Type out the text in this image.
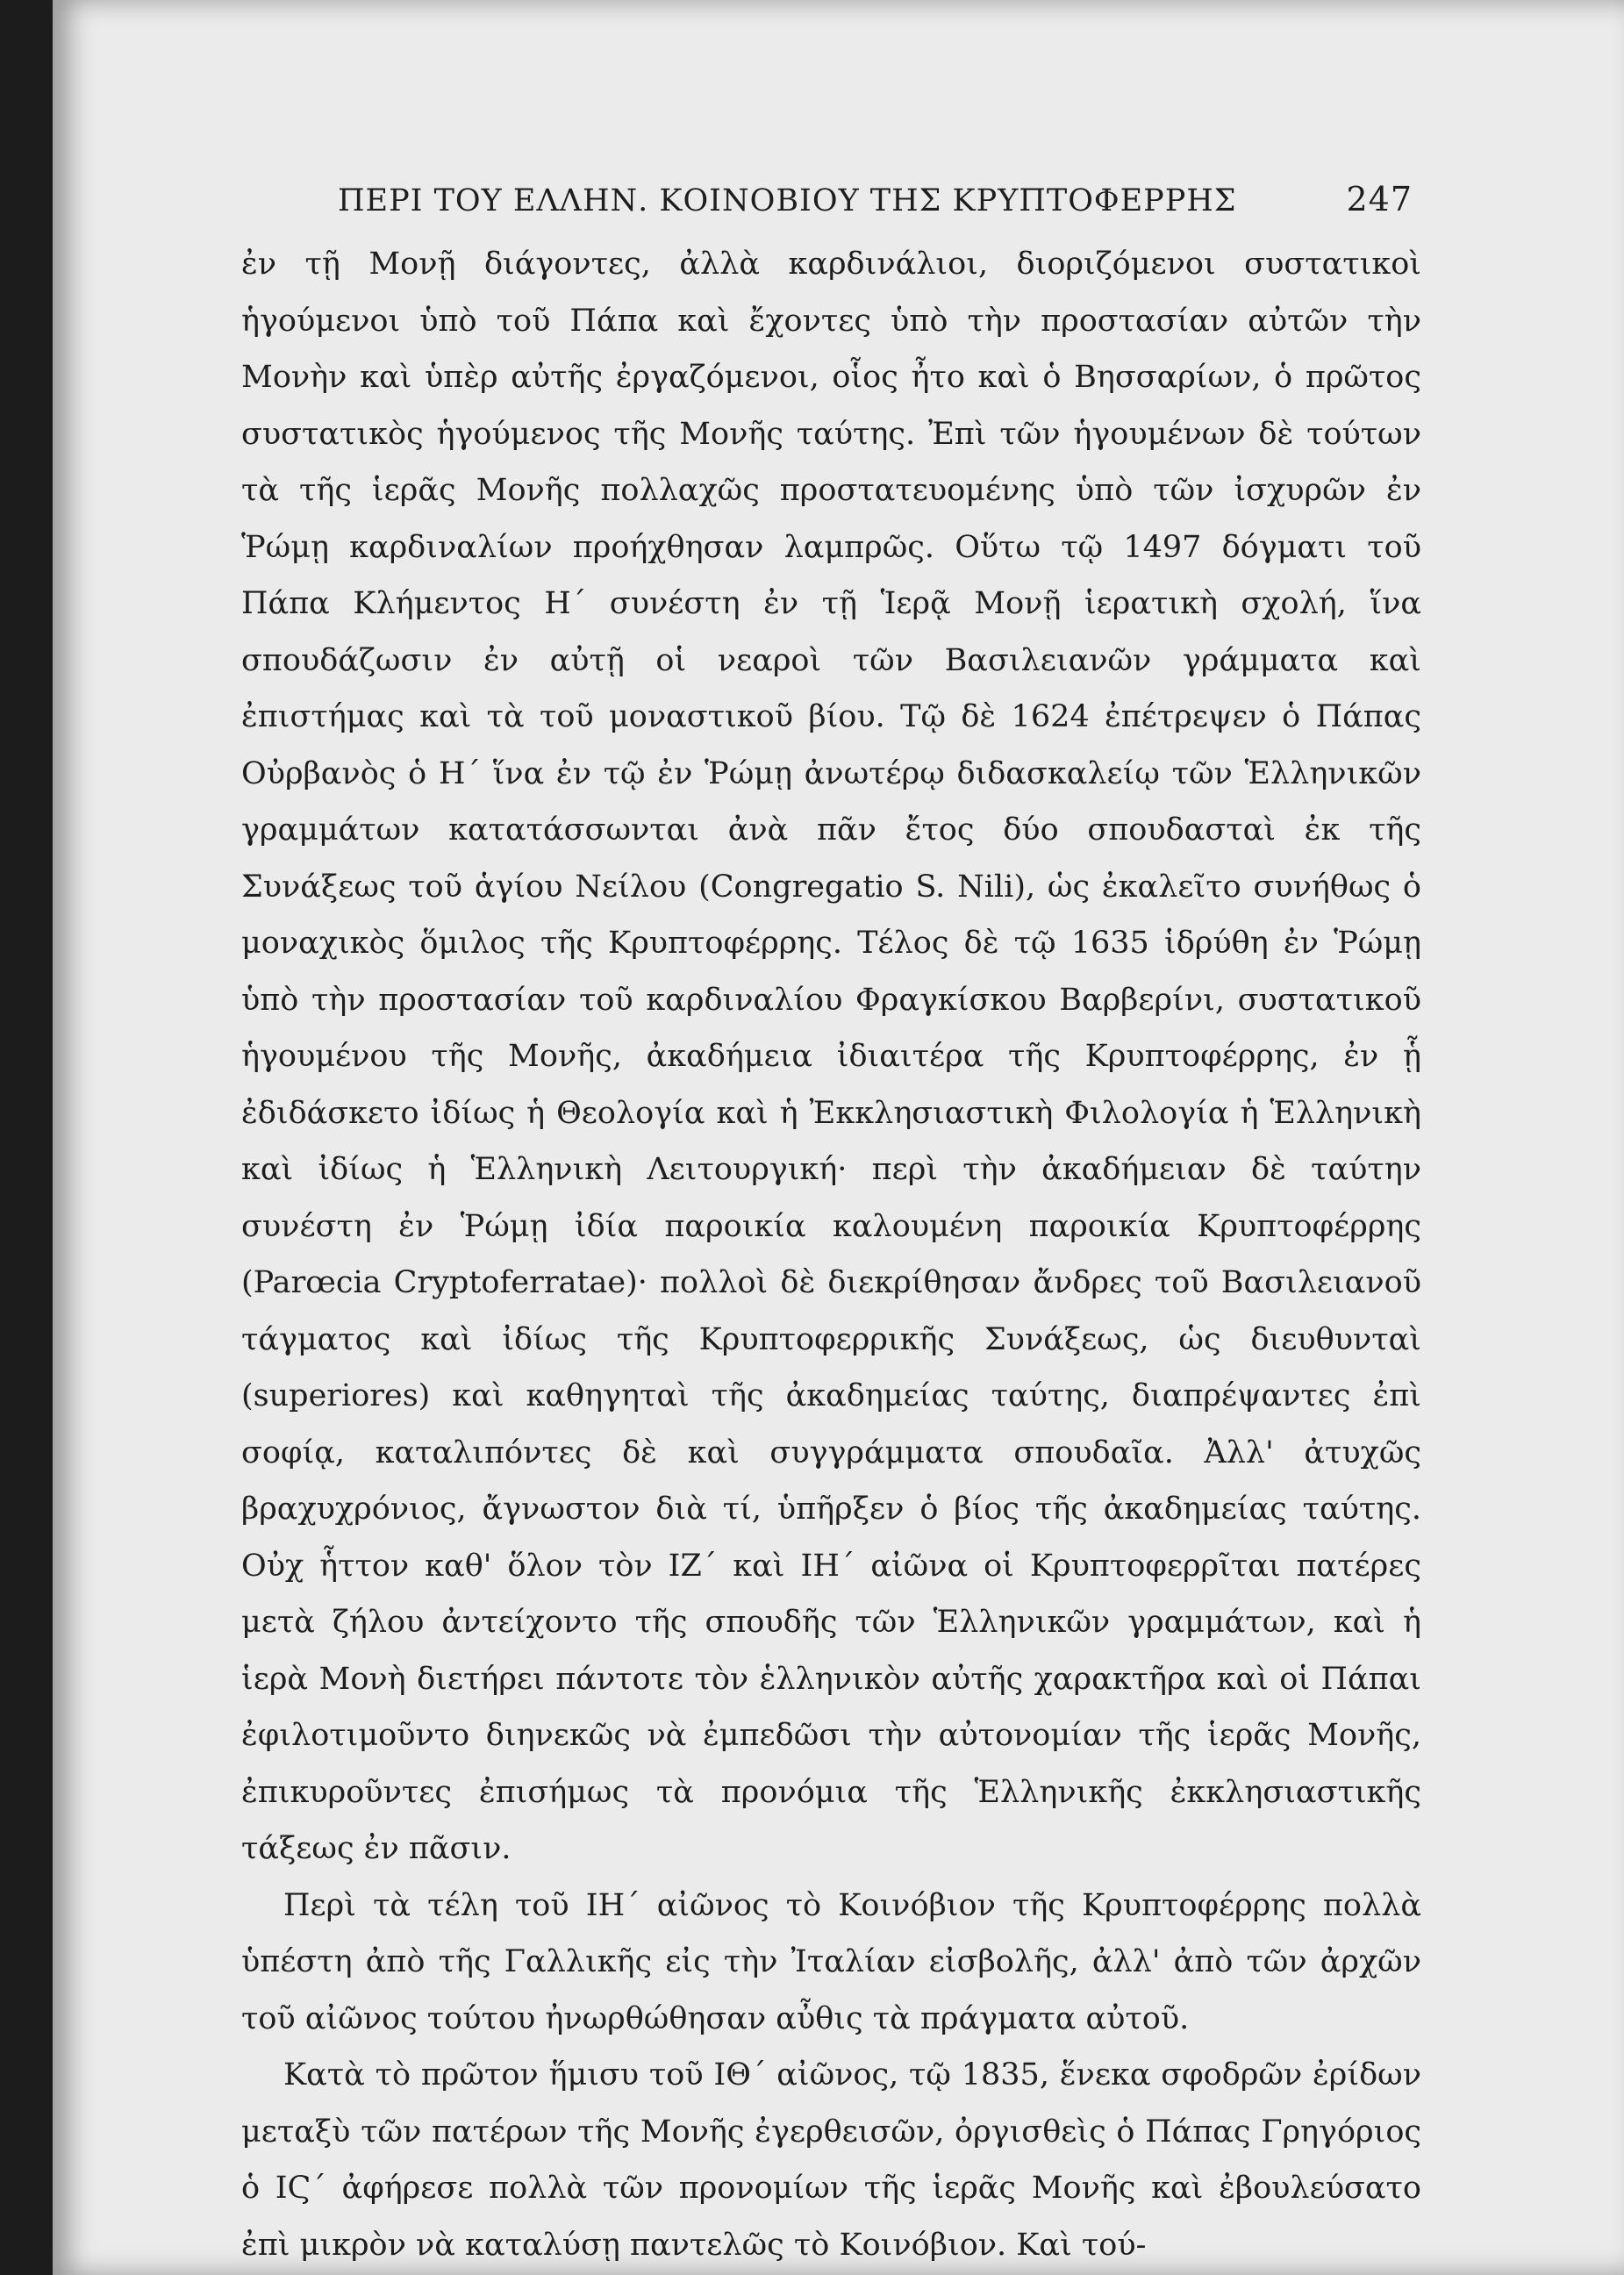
ΠΕΡΙ ΤΟΥ ΕΛΛΗΝ. ΚΟΙΝΟΒΙΟΥ ΤΗΣ ΚΡΥΠΤΟΦΕΡΡΗΣ	247

ἐν τῇ Μονῇ διάγοντες, ἀλλὰ καρδινάλιοι, διοριζόμενοι συστατικοὶ ἡγούμενοι ὑπὸ τοῦ Πάπα καὶ ἔχοντες ὑπὸ τὴν προστασίαν αὐτῶν τὴν Μονὴν καὶ ὑπὲρ αὐτῆς ἐργαζόμενοι, οἷος ἦτο καὶ ὁ Βησσαρίων, ὁ πρῶτος συστατικὸς ἡγούμενος τῆς Μονῆς ταύτης. Ἐπὶ τῶν ἡγουμένων δὲ τούτων τὰ τῆς ἱερᾶς Μονῆς πολλαχῶς προστατευομένης ὑπὸ τῶν ἰσχυρῶν ἐν Ῥώμῃ καρδιναλίων προήχθησαν λαμπρῶς. Οὕτω τῷ 1497 δόγματι τοῦ Πάπα Κλήμεντος Η΄ συνέστη ἐν τῇ Ἱερᾷ Μονῇ ἱερατικὴ σχολή, ἵνα σπουδάζωσιν ἐν αὐτῇ οἱ νεαροὶ τῶν Βασιλειανῶν γράμματα καὶ ἐπιστήμας καὶ τὰ τοῦ μοναστικοῦ βίου. Τῷ δὲ 1624 ἐπέτρεψεν ὁ Πάπας Οὐρβανὸς ὁ Η΄ ἵνα ἐν τῷ ἐν Ῥώμῃ ἀνωτέρῳ διδασκαλείῳ τῶν Ἑλληνικῶν γραμμάτων κατατάσσωνται ἀνὰ πᾶν ἔτος δύο σπουδασταὶ ἐκ τῆς Συνάξεως τοῦ ἁγίου Νείλου (Congregatio S. Nili), ὡς ἐκαλεῖτο συνήθως ὁ μοναχικὸς ὅμιλος τῆς Κρυπτοφέρρης. Τέλος δὲ τῷ 1635 ἱδρύθη ἐν Ῥώμῃ ὑπὸ τὴν προστασίαν τοῦ καρδιναλίου Φραγκίσκου Βαρβερίνι, συστατικοῦ ἡγουμένου τῆς Μονῆς, ἀκαδήμεια ἰδιαιτέρα τῆς Κρυπτοφέρρης, ἐν ᾗ ἐδιδάσκετο ἰδίως ἡ Θεολογία καὶ ἡ Ἐκκλησιαστικὴ Φιλολογία ἡ Ἑλληνικὴ καὶ ἰδίως ἡ Ἑλληνικὴ Λειτουργική· περὶ τὴν ἀκαδήμειαν δὲ ταύτην συνέστη ἐν Ῥώμῃ ἰδία παροικία καλουμένη παροικία Κρυπτοφέρρης (Parœcia Cryptoferratae)· πολλοὶ δὲ διεκρίθησαν ἄνδρες τοῦ Βασιλειανοῦ τάγματος καὶ ἰδίως τῆς Κρυπτοφερρικῆς Συνάξεως, ὡς διευθυνταὶ (superiores) καὶ καθηγηταὶ τῆς ἀκαδημείας ταύτης, διαπρέψαντες ἐπὶ σοφίᾳ, καταλιπόντες δὲ καὶ συγγράμματα σπουδαῖα. Ἀλλ' ἀτυχῶς βραχυχρόνιος, ἄγνωστον διὰ τί, ὑπῆρξεν ὁ βίος τῆς ἀκαδημείας ταύτης. Οὐχ ἧττον καθ' ὅλον τὸν ΙΖ΄ καὶ ΙΗ΄ αἰῶνα οἱ Κρυπτοφερρῖται πατέρες μετὰ ζήλου ἀντείχοντο τῆς σπουδῆς τῶν Ἑλληνικῶν γραμμάτων, καὶ ἡ ἱερὰ Μονὴ διετήρει πάντοτε τὸν ἑλληνικὸν αὐτῆς χαρακτῆρα καὶ οἱ Πάπαι ἐφιλοτιμοῦντο διηνεκῶς νὰ ἐμπεδῶσι τὴν αὐτονομίαν τῆς ἱερᾶς Μονῆς, ἐπικυροῦντες ἐπισήμως τὰ προνόμια τῆς Ἑλληνικῆς ἐκκλησιαστικῆς τάξεως ἐν πᾶσιν.

Περὶ τὰ τέλη τοῦ ΙΗ΄ αἰῶνος τὸ Κοινόβιον τῆς Κρυπτοφέρρης πολλὰ ὑπέστη ἀπὸ τῆς Γαλλικῆς εἰς τὴν Ἰταλίαν εἰσβολῆς, ἀλλ' ἀπὸ τῶν ἀρχῶν τοῦ αἰῶνος τούτου ἠνωρθώθησαν αὖθις τὰ πράγματα αὐτοῦ.

Κατὰ τὸ πρῶτον ἥμισυ τοῦ ΙΘ΄ αἰῶνος, τῷ 1835, ἕνεκα σφοδρῶν ἐρίδων μεταξὺ τῶν πατέρων τῆς Μονῆς ἐγερθεισῶν, ὀργισθεὶς ὁ Πάπας Γρηγόριος ὁ ΙϚ΄ ἀφήρεσε πολλὰ τῶν προνομίων τῆς ἱερᾶς Μονῆς καὶ ἐβουλεύσατο ἐπὶ μικρὸν νὰ καταλύσῃ παντελῶς τὸ Κοινόβιον. Καὶ τού-
